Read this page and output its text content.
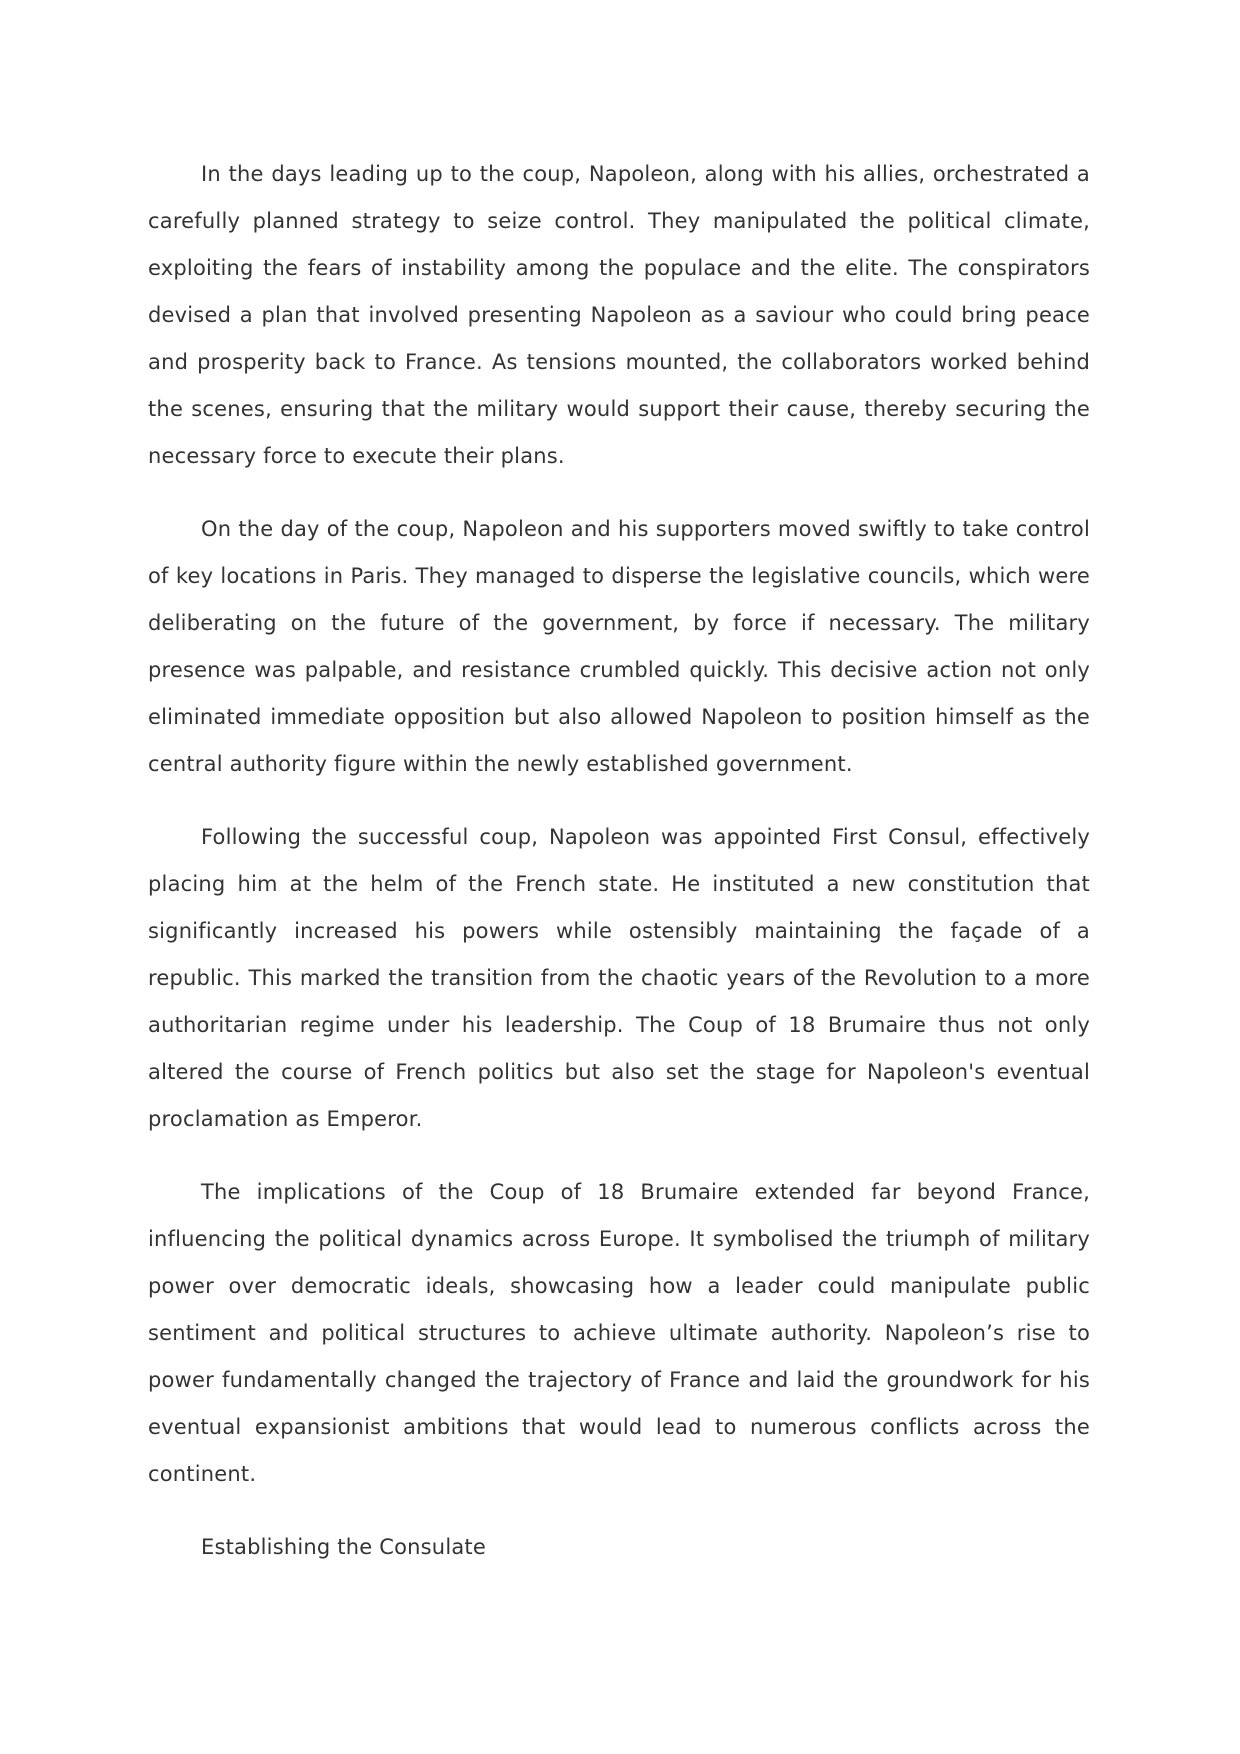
In the days leading up to the coup, Napoleon, along with his allies, orchestrated a carefully planned strategy to seize control. They manipulated the political climate, exploiting the fears of instability among the populace and the elite. The conspirators devised a plan that involved presenting Napoleon as a saviour who could bring peace and prosperity back to France. As tensions mounted, the collaborators worked behind the scenes, ensuring that the military would support their cause, thereby securing the necessary force to execute their plans.

On the day of the coup, Napoleon and his supporters moved swiftly to take control of key locations in Paris. They managed to disperse the legislative councils, which were deliberating on the future of the government, by force if necessary. The military presence was palpable, and resistance crumbled quickly. This decisive action not only eliminated immediate opposition but also allowed Napoleon to position himself as the central authority figure within the newly established government.

Following the successful coup, Napoleon was appointed First Consul, effectively placing him at the helm of the French state. He instituted a new constitution that significantly increased his powers while ostensibly maintaining the façade of a republic. This marked the transition from the chaotic years of the Revolution to a more authoritarian regime under his leadership. The Coup of 18 Brumaire thus not only altered the course of French politics but also set the stage for Napoleon's eventual proclamation as Emperor.

The implications of the Coup of 18 Brumaire extended far beyond France, influencing the political dynamics across Europe. It symbolised the triumph of military power over democratic ideals, showcasing how a leader could manipulate public sentiment and political structures to achieve ultimate authority. Napoleon’s rise to power fundamentally changed the trajectory of France and laid the groundwork for his eventual expansionist ambitions that would lead to numerous conflicts across the continent.

Establishing the Consulate
